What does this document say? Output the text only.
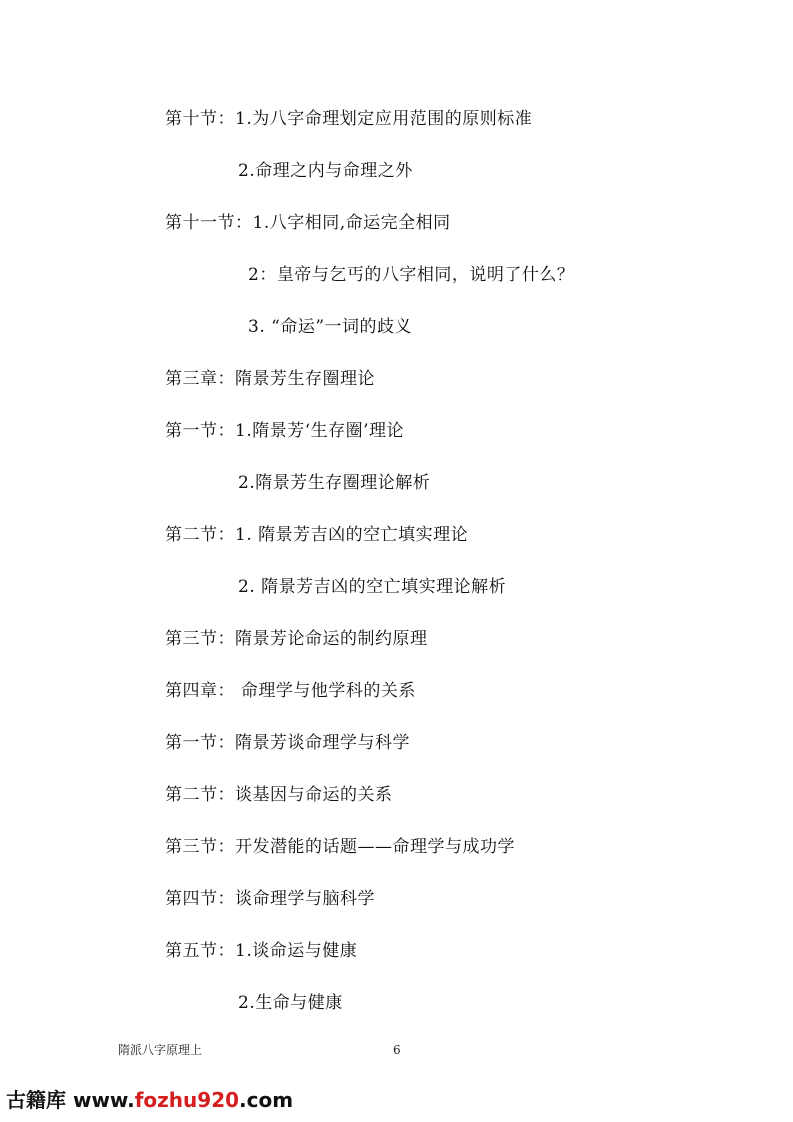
第十节：1.为八字命理划定应用范围的原则标准
2.命理之内与命理之外
第十一节：1.八字相同,命运完全相同
2：皇帝与乞丐的八字相同，说明了什么？
3. “命运”一词的歧义
第三章：隋景芳生存圈理论
第一节：1.隋景芳‘生存圈’理论
2.隋景芳生存圈理论解析
第二节：1. 隋景芳吉凶的空亡填实理论
2. 隋景芳吉凶的空亡填实理论解析
第三节：隋景芳论命运的制约原理
第四章： 命理学与他学科的关系
第一节：隋景芳谈命理学与科学
第二节：谈基因与命运的关系
第三节：开发潜能的话题——命理学与成功学
第四节：谈命理学与脑科学
第五节：1.谈命运与健康
2.生命与健康
隋派八字原理上	6
古籍库 www.fozhu920.com
